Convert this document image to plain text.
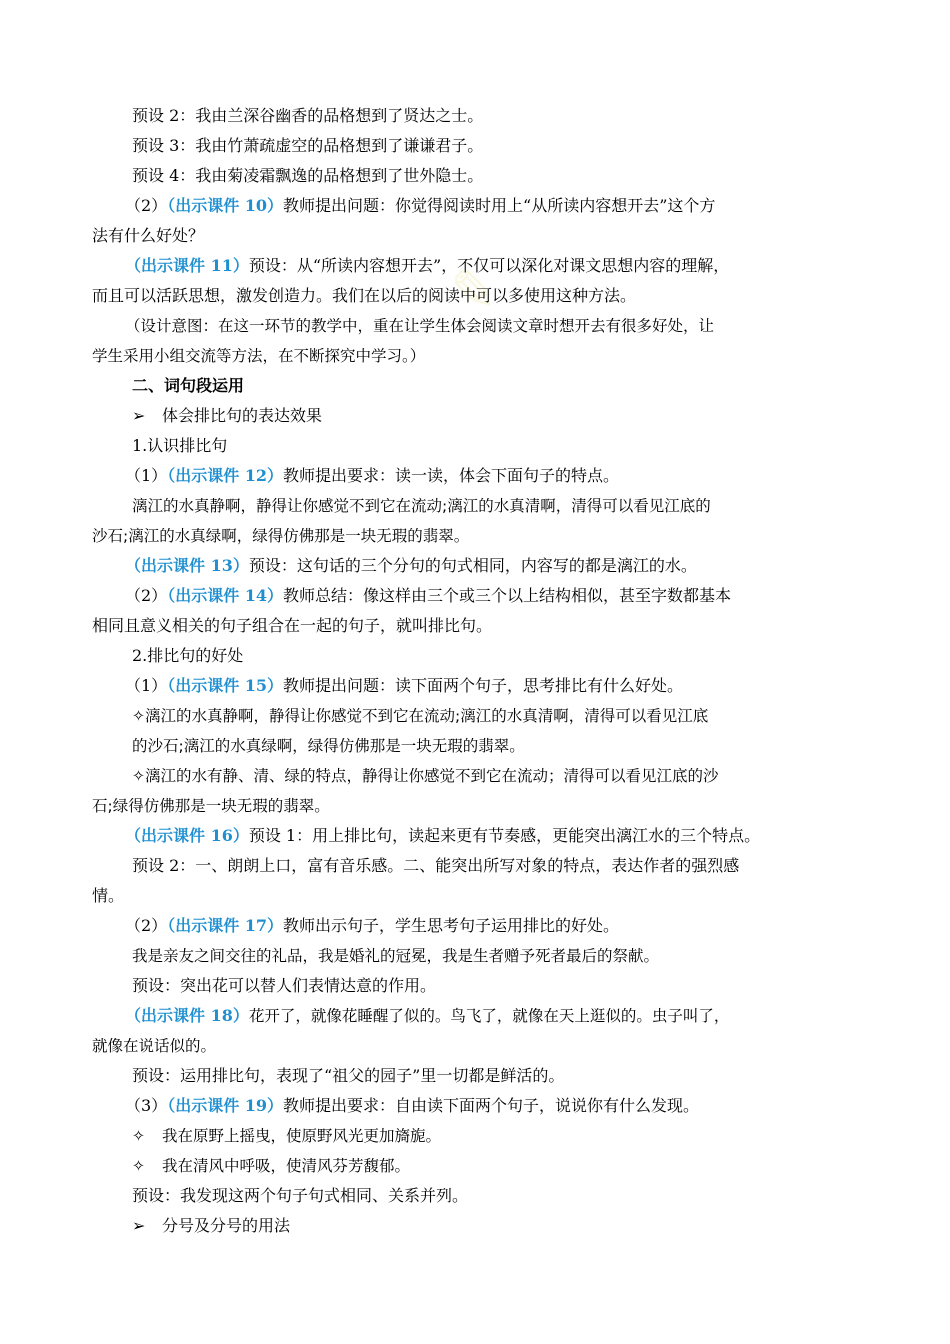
✎
预设 2：我由兰深谷幽香的品格想到了贤达之士。
预设 3：我由竹萧疏虚空的品格想到了谦谦君子。
预设 4：我由菊凌霜飘逸的品格想到了世外隐士。
（2）（出示课件 10）教师提出问题：你觉得阅读时用上“从所读内容想开去”这个方
法有什么好处？
（出示课件 11）预设：从“所读内容想开去”，不仅可以深化对课文思想内容的理解，
而且可以活跃思想，激发创造力。我们在以后的阅读中可以多使用这种方法。
（设计意图：在这一环节的教学中，重在让学生体会阅读文章时想开去有很多好处，让
学生采用小组交流等方法，在不断探究中学习。）
二、词句段运用
➢ 体会排比句的表达效果
1.认识排比句
（1）（出示课件 12）教师提出要求：读一读，体会下面句子的特点。
漓江的水真静啊，静得让你感觉不到它在流动;漓江的水真清啊，清得可以看见江底的
沙石;漓江的水真绿啊，绿得仿佛那是一块无瑕的翡翠。
（出示课件 13）预设：这句话的三个分句的句式相同，内容写的都是漓江的水。
（2）（出示课件 14）教师总结：像这样由三个或三个以上结构相似，甚至字数都基本
相同且意义相关的句子组合在一起的句子，就叫排比句。
2.排比句的好处
（1）（出示课件 15）教师提出问题：读下面两个句子，思考排比有什么好处。
✧漓江的水真静啊，静得让你感觉不到它在流动;漓江的水真清啊，清得可以看见江底
的沙石;漓江的水真绿啊，绿得仿佛那是一块无瑕的翡翠。
✧漓江的水有静、清、绿的特点，静得让你感觉不到它在流动；清得可以看见江底的沙
石;绿得仿佛那是一块无瑕的翡翠。
（出示课件 16）预设 1：用上排比句，读起来更有节奏感，更能突出漓江水的三个特点。
预设 2：一、朗朗上口，富有音乐感。二、能突出所写对象的特点，表达作者的强烈感
情。
（2）（出示课件 17）教师出示句子，学生思考句子运用排比的好处。
我是亲友之间交往的礼品，我是婚礼的冠冕，我是生者赠予死者最后的祭献。
预设：突出花可以替人们表情达意的作用。
（出示课件 18）花开了，就像花睡醒了似的。鸟飞了，就像在天上逛似的。虫子叫了，
就像在说话似的。
预设：运用排比句，表现了“祖父的园子”里一切都是鲜活的。
（3）（出示课件 19）教师提出要求：自由读下面两个句子，说说你有什么发现。
✧ 我在原野上摇曳，使原野风光更加旖旎。
✧ 我在清风中呼吸，使清风芬芳馥郁。
预设：我发现这两个句子句式相同、关系并列。
➢ 分号及分号的用法
